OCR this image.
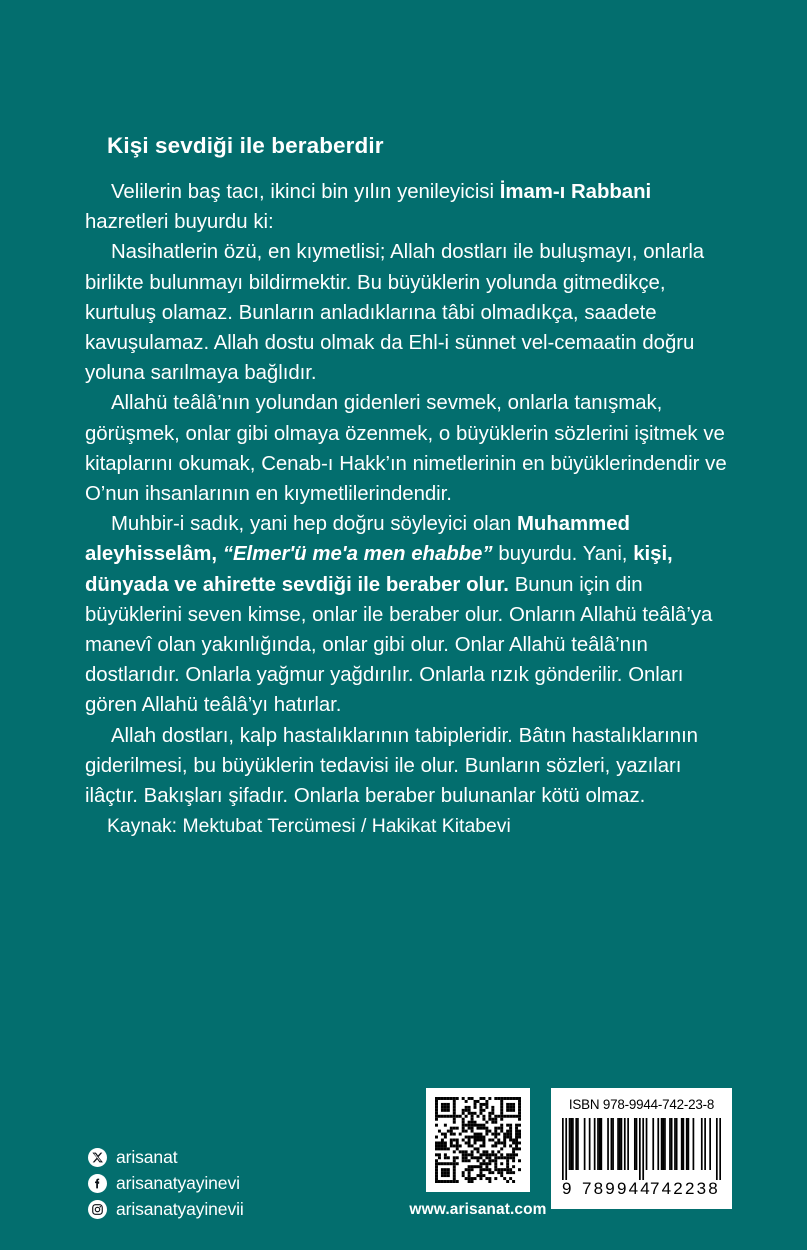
Kişi sevdiği ile beraberdir

Velilerin baş tacı, ikinci bin yılın yenileyicisi İmam-ı Rabbani hazretleri buyurdu ki:

Nasihatlerin özü, en kıymetlisi; Allah dostları ile buluşmayı, onlarla birlikte bulunmayı bildirmektir. Bu büyüklerin yolunda gitmedikçe, kurtuluş olamaz. Bunların anladıklarına tâbi olmadıkça, saadete kavuşulamaz. Allah dostu olmak da Ehl-i sünnet vel-cemaatin doğru yoluna sarılmaya bağlıdır.

Allahü teâlâ’nın yolundan gidenleri sevmek, onlarla tanışmak, görüşmek, onlar gibi olmaya özenmek, o büyüklerin sözlerini işitmek ve kitaplarını okumak, Cenab-ı Hakk’ın nimetlerinin en büyüklerindendir ve O’nun ihsanlarının en kıymetlilerindendir.

Muhbir-i sadık, yani hep doğru söyleyici olan Muhammed aleyhisselâm, “Elmer'ü me'a men ehabbe” buyurdu. Yani, kişi, dünyada ve ahirette sevdiği ile beraber olur. Bunun için din büyüklerini seven kimse, onlar ile beraber olur. Onların Allahü teâlâ’ya manevî olan yakınlığında, onlar gibi olur. Onlar Allahü teâlâ’nın dostlarıdır. Onlarla yağmur yağdırılır. Onlarla rızık gönderilir. Onları gören Allahü teâlâ’yı hatırlar.

Allah dostları, kalp hastalıklarının tabipleridir. Bâtın hastalıklarının giderilmesi, bu büyüklerin tedavisi ile olur. Bunların sözleri, yazıları ilâçtır. Bakışları şifadır. Onlarla beraber bulunanlar kötü olmaz.

Kaynak: Mektubat Tercümesi / Hakikat Kitabevi

arisanat
arisanatyayinevi
arisanatyayinevii	www.arisanat.com
ISBN 978-9944-742-23-8
9 789944
742238
